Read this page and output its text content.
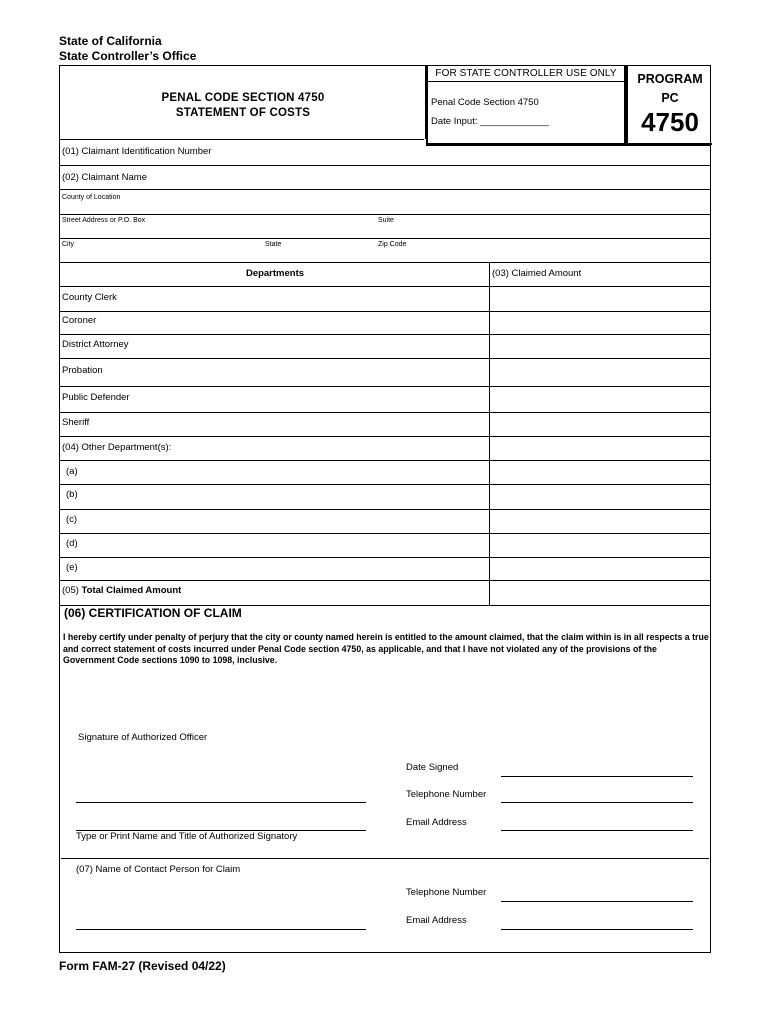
State of California
State Controller’s Office
PENAL CODE SECTION 4750
STATEMENT OF COSTS
FOR STATE CONTROLLER USE ONLY
Penal Code Section 4750
Date Input: _____________
PROGRAM
PC
4750
(01) Claimant Identification Number
(02) Claimant Name
County of Location
Street Address or P.O. Box	Suite
City	State	Zip Code
Departments	(03) Claimed Amount
County Clerk
Coroner
District Attorney
Probation
Public Defender
Sheriff
(04) Other Department(s):
(a)
(b)
(c)
(d)
(e)
(05) Total Claimed Amount
(06) CERTIFICATION OF CLAIM
I hereby certify under penalty of perjury that the city or county named herein is entitled to the amount claimed, that the claim within is in all respects a true and correct statement of costs incurred under Penal Code section 4750, as applicable, and that I have not violated any of the provisions of the Government Code sections 1090 to 1098, inclusive.
Signature of Authorized Officer
Date Signed
Telephone Number
Email Address
Type or Print Name and Title of Authorized Signatory
(07) Name of Contact Person for Claim
Telephone Number
Email Address
Form FAM-27 (Revised 04/22)
